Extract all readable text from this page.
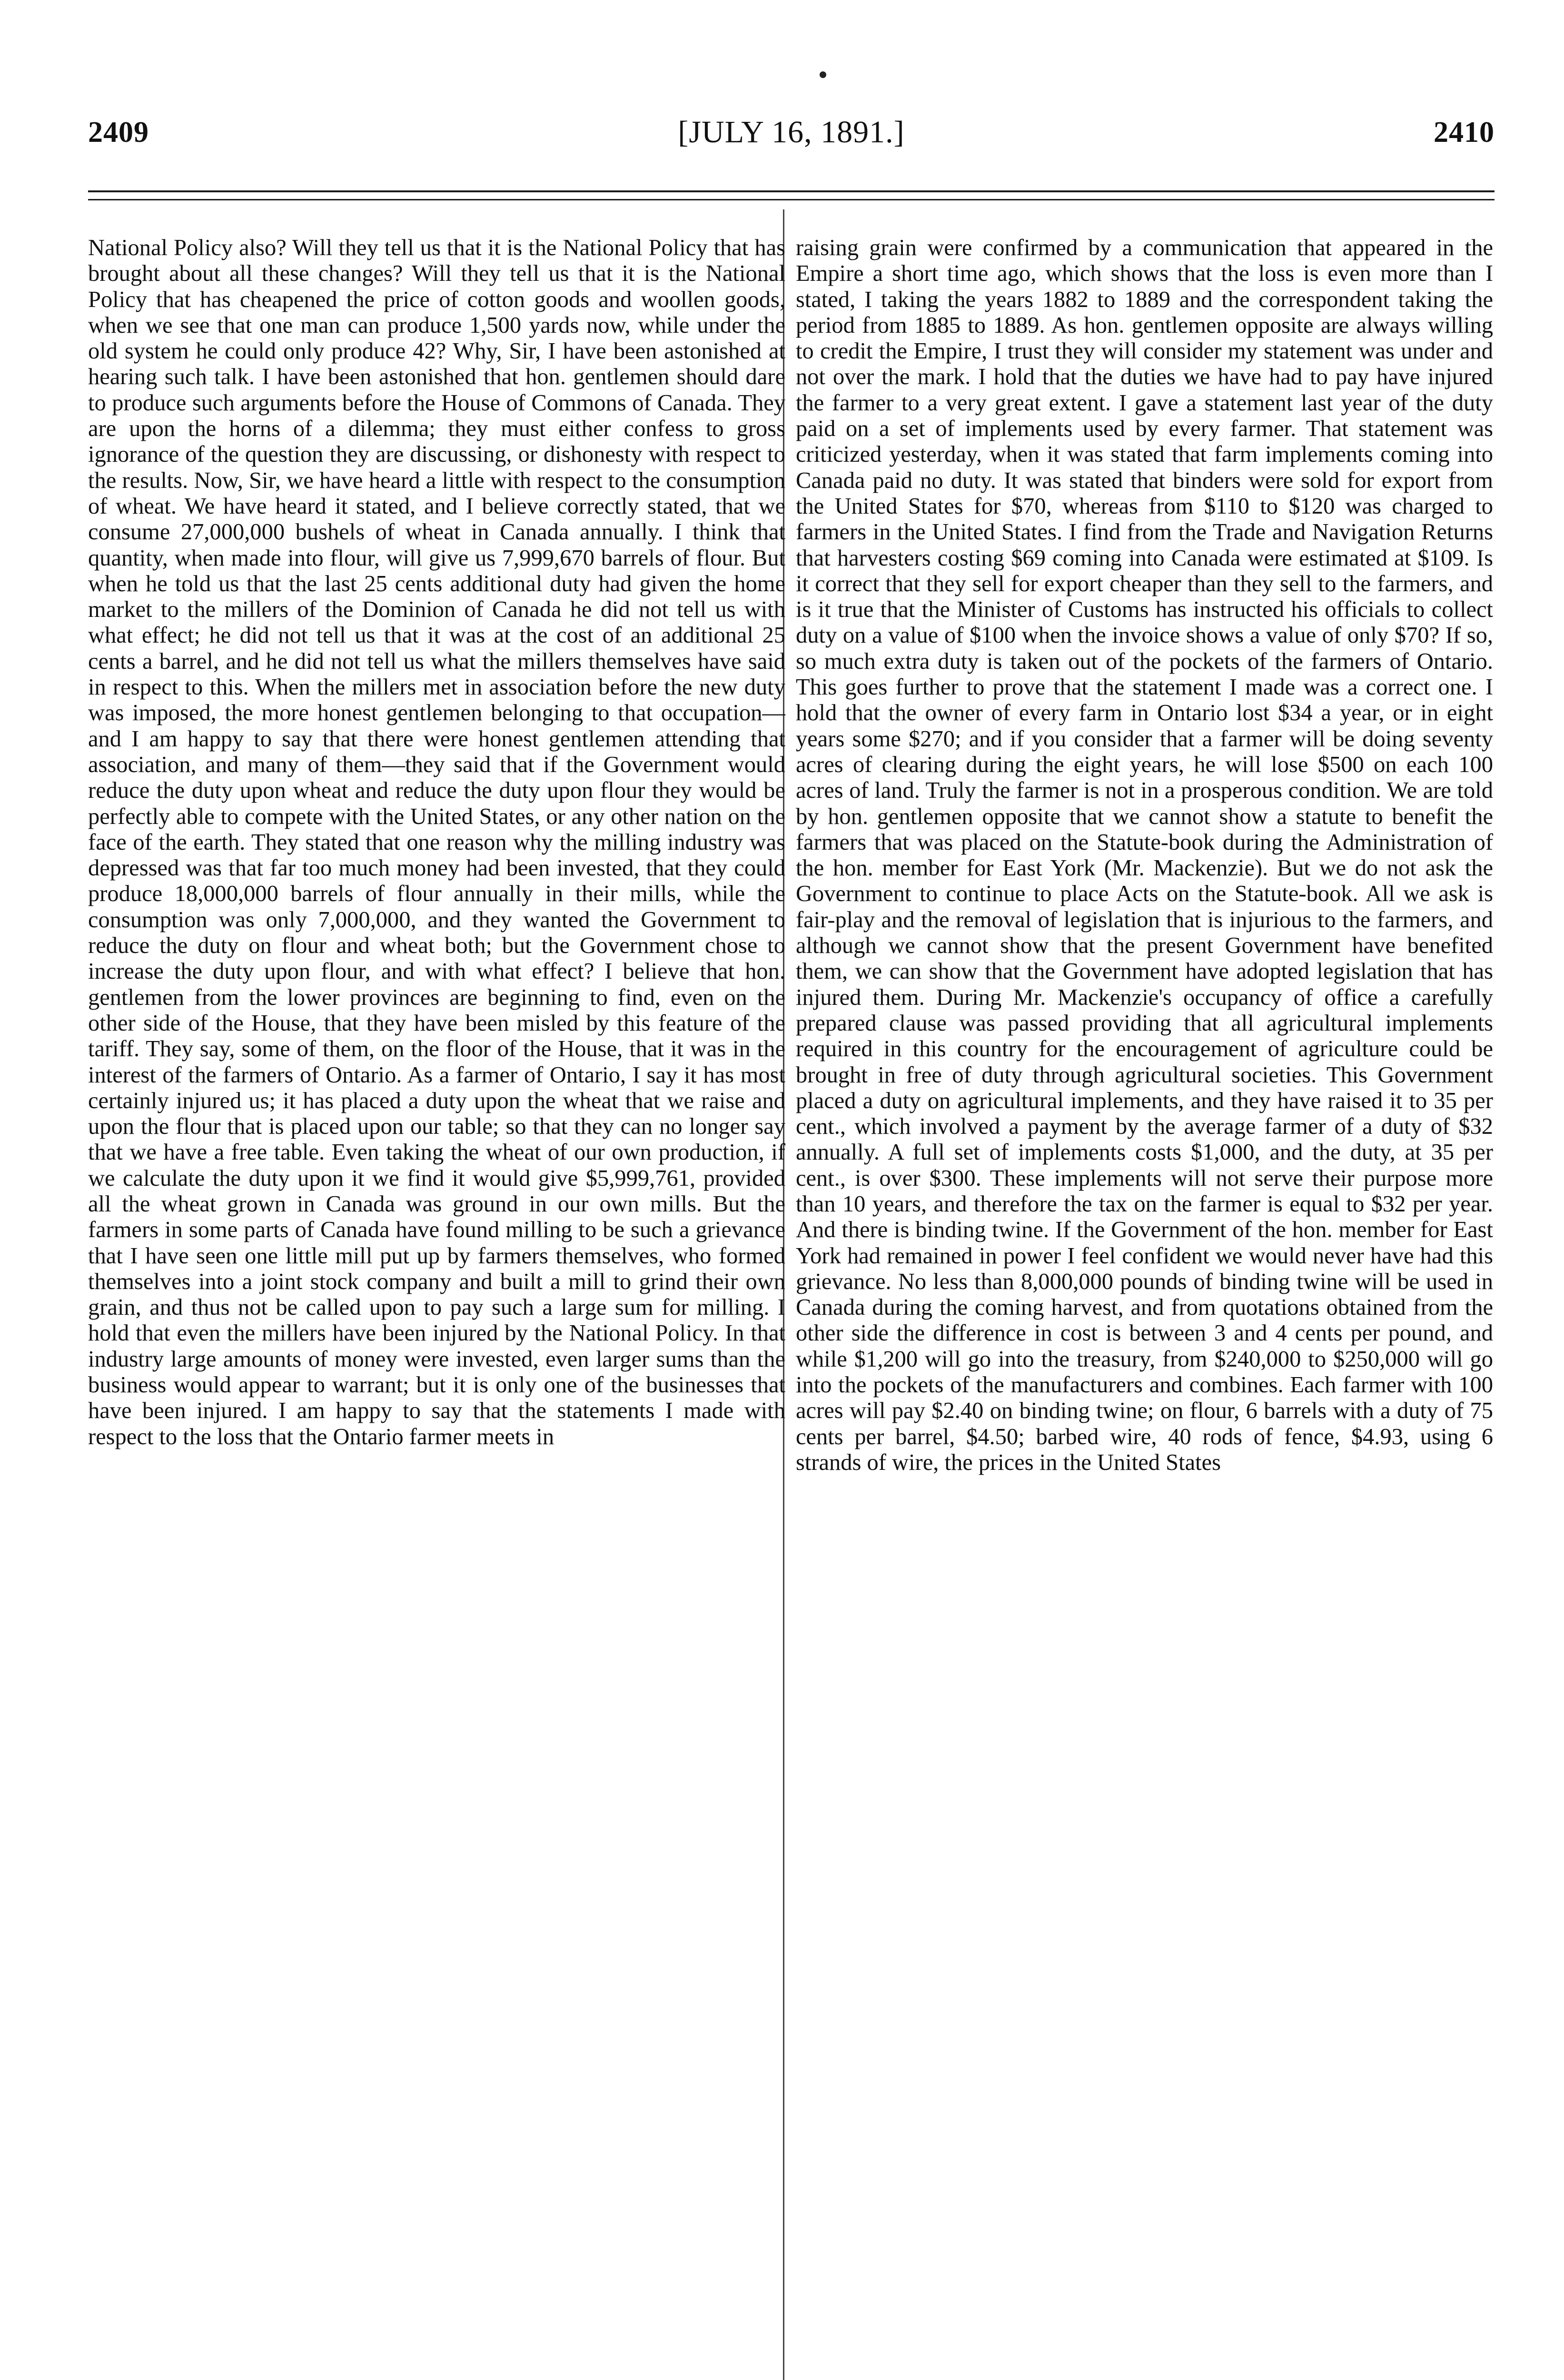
2409	[JULY 16, 1891.]	2410

National Policy also? Will they tell us that it is the National Policy that has brought about all these changes? Will they tell us that it is the National Policy that has cheapened the price of cotton goods and woollen goods, when we see that one man can produce 1,500 yards now, while under the old system he could only produce 42? Why, Sir, I have been astonished at hearing such talk. I have been astonished that hon. gentlemen should dare to produce such arguments before the House of Commons of Canada. They are upon the horns of a dilemma; they must either confess to gross ignorance of the question they are discussing, or dishonesty with respect to the results. Now, Sir, we have heard a little with respect to the consumption of wheat. We have heard it stated, and I believe correctly stated, that we consume 27,000,000 bushels of wheat in Canada annually. I think that quantity, when made into flour, will give us 7,999,670 barrels of flour. But when he told us that the last 25 cents additional duty had given the home market to the millers of the Dominion of Canada he did not tell us with what effect; he did not tell us that it was at the cost of an additional 25 cents a barrel, and he did not tell us what the millers themselves have said in respect to this. When the millers met in association before the new duty was imposed, the more honest gentlemen belonging to that occupation—and I am happy to say that there were honest gentlemen attending that association, and many of them—they said that if the Government would reduce the duty upon wheat and reduce the duty upon flour they would be perfectly able to compete with the United States, or any other nation on the face of the earth. They stated that one reason why the milling industry was depressed was that far too much money had been invested, that they could produce 18,000,000 barrels of flour annually in their mills, while the consumption was only 7,000,000, and they wanted the Government to reduce the duty on flour and wheat both; but the Government chose to increase the duty upon flour, and with what effect? I believe that hon. gentlemen from the lower provinces are beginning to find, even on the other side of the House, that they have been misled by this feature of the tariff. They say, some of them, on the floor of the House, that it was in the interest of the farmers of Ontario. As a farmer of Ontario, I say it has most certainly injured us; it has placed a duty upon the wheat that we raise and upon the flour that is placed upon our table; so that they can no longer say that we have a free table. Even taking the wheat of our own production, if we calculate the duty upon it we find it would give $5,999,761, provided all the wheat grown in Canada was ground in our own mills. But the farmers in some parts of Canada have found milling to be such a grievance that I have seen one little mill put up by farmers themselves, who formed themselves into a joint stock company and built a mill to grind their own grain, and thus not be called upon to pay such a large sum for milling. I hold that even the millers have been injured by the National Policy. In that industry large amounts of money were invested, even larger sums than the business would appear to warrant; but it is only one of the businesses that have been injured. I am happy to say that the statements I made with respect to the loss that the Ontario farmer meets in

raising grain were confirmed by a communication that appeared in the Empire a short time ago, which shows that the loss is even more than I stated, I taking the years 1882 to 1889 and the correspondent taking the period from 1885 to 1889. As hon. gentlemen opposite are always willing to credit the Empire, I trust they will consider my statement was under and not over the mark. I hold that the duties we have had to pay have injured the farmer to a very great extent. I gave a statement last year of the duty paid on a set of implements used by every farmer. That statement was criticized yesterday, when it was stated that farm implements coming into Canada paid no duty. It was stated that binders were sold for export from the United States for $70, whereas from $110 to $120 was charged to farmers in the United States. I find from the Trade and Navigation Returns that harvesters costing $69 coming into Canada were estimated at $109. Is it correct that they sell for export cheaper than they sell to the farmers, and is it true that the Minister of Customs has instructed his officials to collect duty on a value of $100 when the invoice shows a value of only $70? If so, so much extra duty is taken out of the pockets of the farmers of Ontario. This goes further to prove that the statement I made was a correct one. I hold that the owner of every farm in Ontario lost $34 a year, or in eight years some $270; and if you consider that a farmer will be doing seventy acres of clearing during the eight years, he will lose $500 on each 100 acres of land. Truly the farmer is not in a prosperous condition. We are told by hon. gentlemen opposite that we cannot show a statute to benefit the farmers that was placed on the Statute-book during the Administration of the hon. member for East York (Mr. Mackenzie). But we do not ask the Government to continue to place Acts on the Statute-book. All we ask is fair-play and the removal of legislation that is injurious to the farmers, and although we cannot show that the present Government have benefited them, we can show that the Government have adopted legislation that has injured them. During Mr. Mackenzie's occupancy of office a carefully prepared clause was passed providing that all agricultural implements required in this country for the encouragement of agriculture could be brought in free of duty through agricultural societies. This Government placed a duty on agricultural implements, and they have raised it to 35 per cent., which involved a payment by the average farmer of a duty of $32 annually. A full set of implements costs $1,000, and the duty, at 35 per cent., is over $300. These implements will not serve their purpose more than 10 years, and therefore the tax on the farmer is equal to $32 per year. And there is binding twine. If the Government of the hon. member for East York had remained in power I feel confident we would never have had this grievance. No less than 8,000,000 pounds of binding twine will be used in Canada during the coming harvest, and from quotations obtained from the other side the difference in cost is between 3 and 4 cents per pound, and while $1,200 will go into the treasury, from $240,000 to $250,000 will go into the pockets of the manufacturers and combines. Each farmer with 100 acres will pay $2.40 on binding twine; on flour, 6 barrels with a duty of 75 cents per barrel, $4.50; barbed wire, 40 rods of fence, $4.93, using 6 strands of wire, the prices in the United States
